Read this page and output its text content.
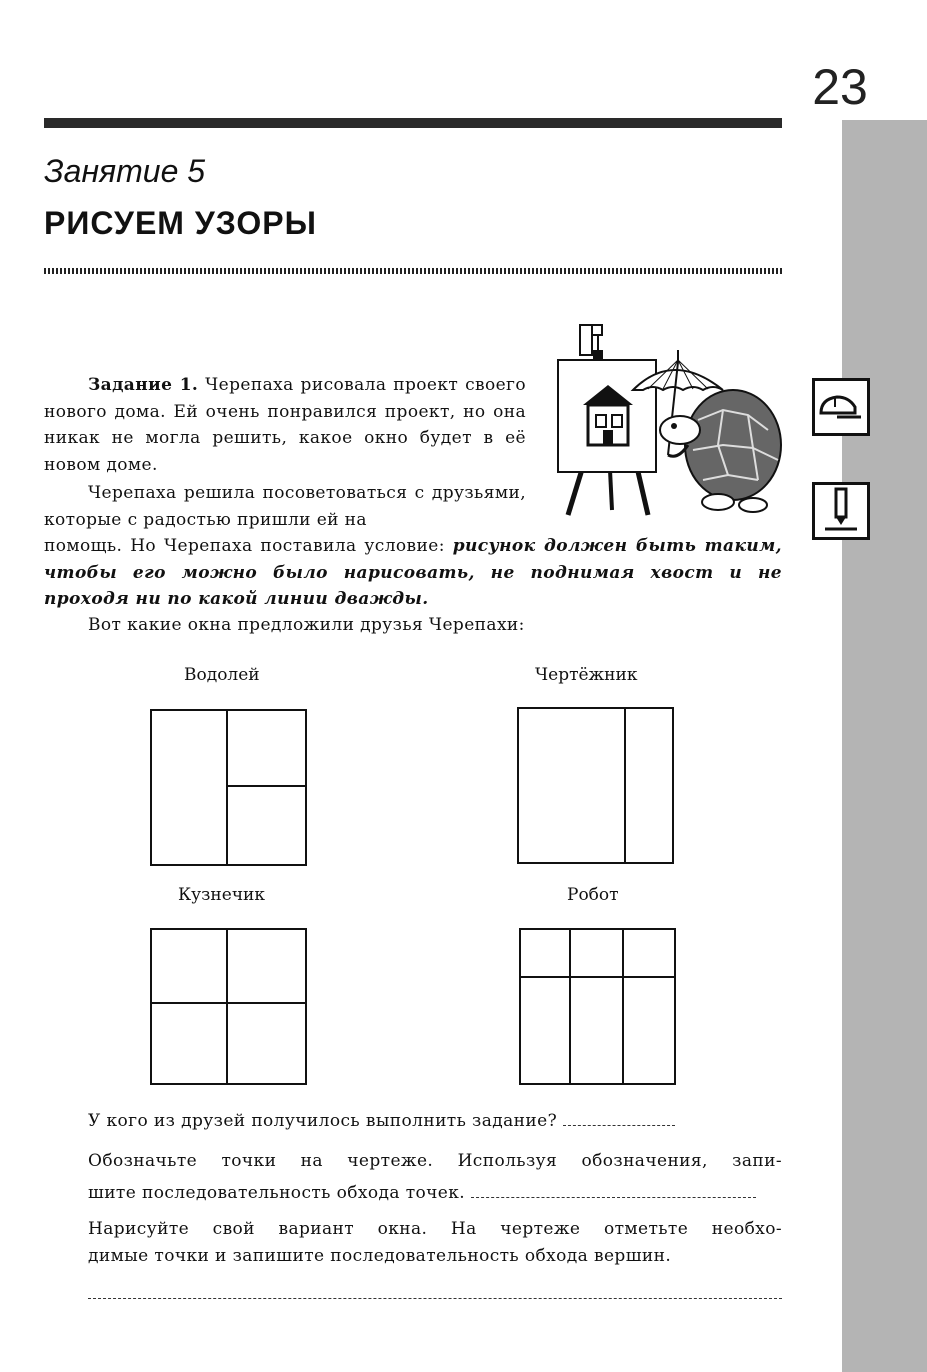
23
Занятие 5
РИСУЕМ УЗОРЫ
Задание 1. Черепаха рисовала проект своего нового дома. Ей очень понравился проект, но она никак не могла решить, какое окно будет в её новом доме.
Черепаха решила посоветоваться с друзьями, которые с радостью пришли ей на
помощь. Но Черепаха поставила условие: рисунок должен быть таким, чтобы его можно было нарисовать, не поднимая хвост и не проходя ни по какой линии дважды.
Вот какие окна предложили друзья Черепахи:
Водолей	Чертёжник
Кузнечик	Робот
У кого из друзей получилось выполнить задание?
Обозначьте точки на чертеже. Используя обозначения, запи-
шите последовательность обхода точек.
Нарисуйте свой вариант окна. На чертеже отметьте необхо-
димые точки и запишите последовательность обхода вершин.
